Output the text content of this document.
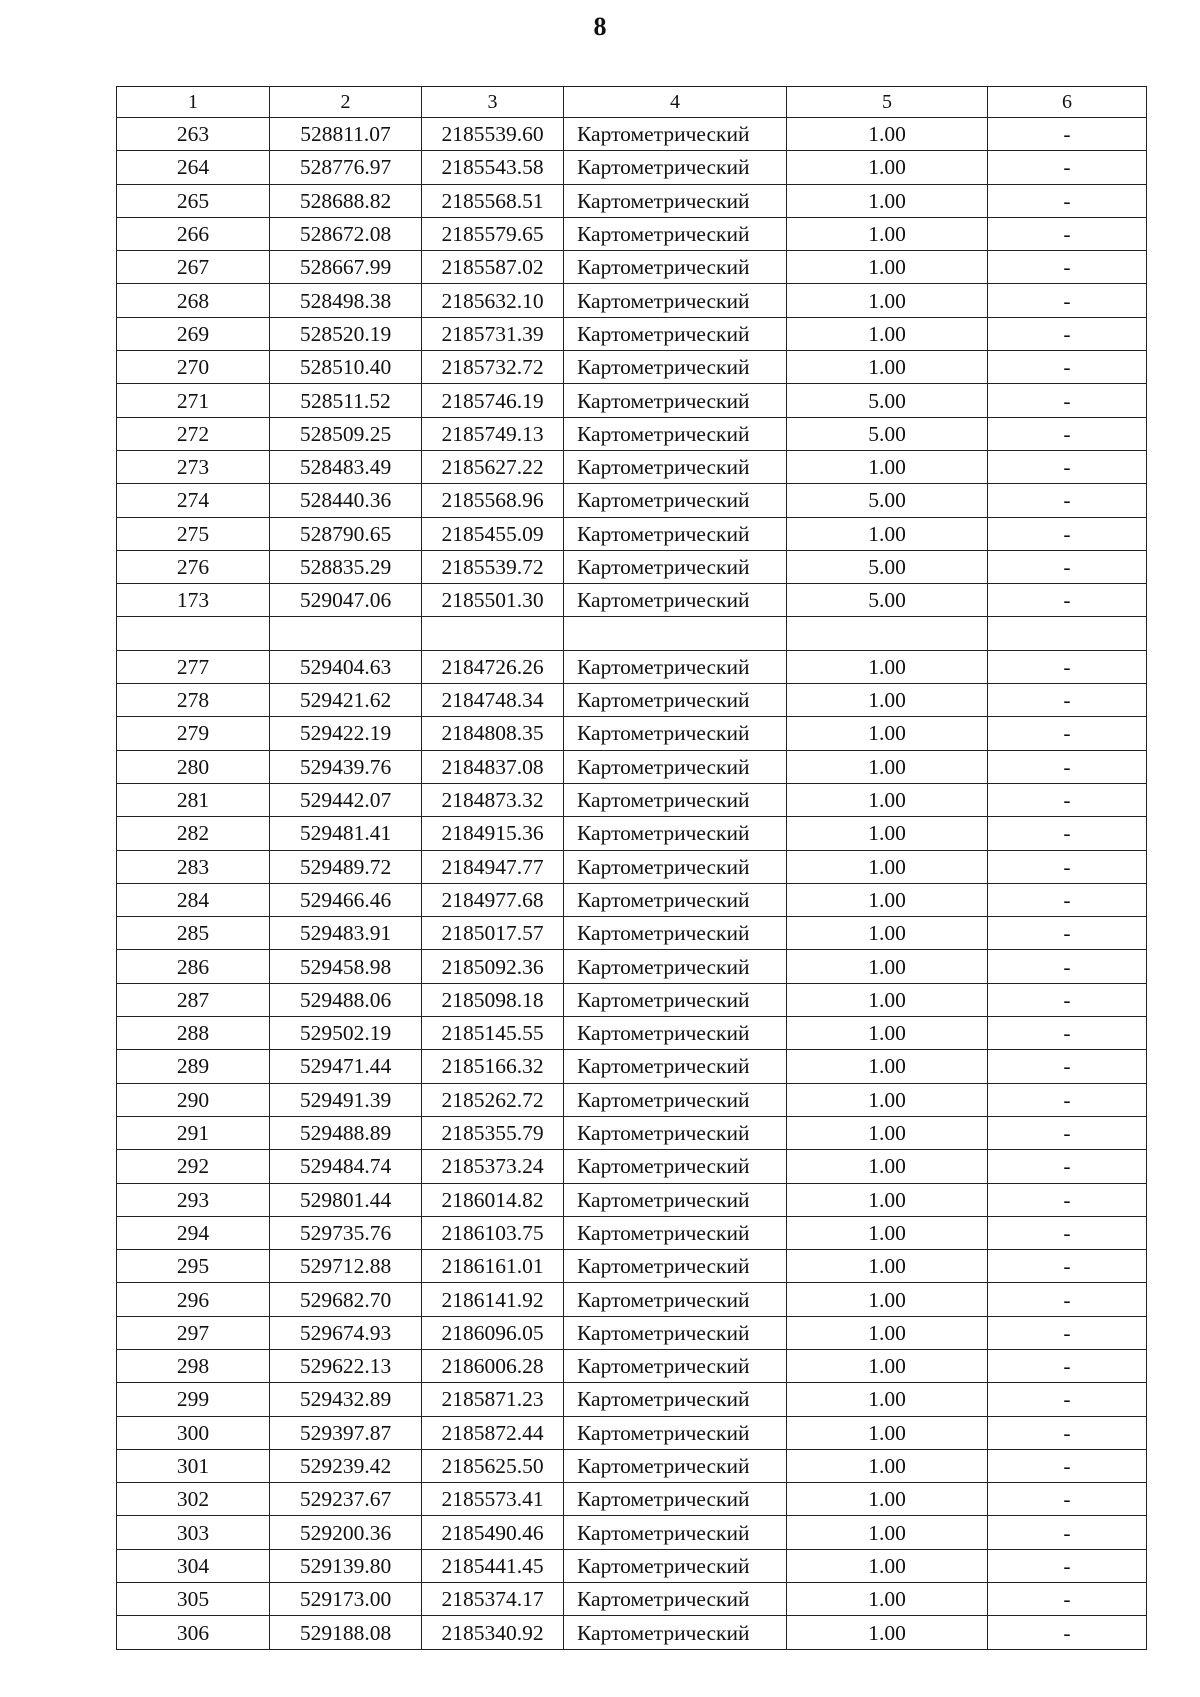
8
1	2	3	4	5	6
263	528811.07	2185539.60	Картометрический	1.00	-
264	528776.97	2185543.58	Картометрический	1.00	-
265	528688.82	2185568.51	Картометрический	1.00	-
266	528672.08	2185579.65	Картометрический	1.00	-
267	528667.99	2185587.02	Картометрический	1.00	-
268	528498.38	2185632.10	Картометрический	1.00	-
269	528520.19	2185731.39	Картометрический	1.00	-
270	528510.40	2185732.72	Картометрический	1.00	-
271	528511.52	2185746.19	Картометрический	5.00	-
272	528509.25	2185749.13	Картометрический	5.00	-
273	528483.49	2185627.22	Картометрический	1.00	-
274	528440.36	2185568.96	Картометрический	5.00	-
275	528790.65	2185455.09	Картометрический	1.00	-
276	528835.29	2185539.72	Картометрический	5.00	-
173	529047.06	2185501.30	Картометрический	5.00	-

277	529404.63	2184726.26	Картометрический	1.00	-
278	529421.62	2184748.34	Картометрический	1.00	-
279	529422.19	2184808.35	Картометрический	1.00	-
280	529439.76	2184837.08	Картометрический	1.00	-
281	529442.07	2184873.32	Картометрический	1.00	-
282	529481.41	2184915.36	Картометрический	1.00	-
283	529489.72	2184947.77	Картометрический	1.00	-
284	529466.46	2184977.68	Картометрический	1.00	-
285	529483.91	2185017.57	Картометрический	1.00	-
286	529458.98	2185092.36	Картометрический	1.00	-
287	529488.06	2185098.18	Картометрический	1.00	-
288	529502.19	2185145.55	Картометрический	1.00	-
289	529471.44	2185166.32	Картометрический	1.00	-
290	529491.39	2185262.72	Картометрический	1.00	-
291	529488.89	2185355.79	Картометрический	1.00	-
292	529484.74	2185373.24	Картометрический	1.00	-
293	529801.44	2186014.82	Картометрический	1.00	-
294	529735.76	2186103.75	Картометрический	1.00	-
295	529712.88	2186161.01	Картометрический	1.00	-
296	529682.70	2186141.92	Картометрический	1.00	-
297	529674.93	2186096.05	Картометрический	1.00	-
298	529622.13	2186006.28	Картометрический	1.00	-
299	529432.89	2185871.23	Картометрический	1.00	-
300	529397.87	2185872.44	Картометрический	1.00	-
301	529239.42	2185625.50	Картометрический	1.00	-
302	529237.67	2185573.41	Картометрический	1.00	-
303	529200.36	2185490.46	Картометрический	1.00	-
304	529139.80	2185441.45	Картометрический	1.00	-
305	529173.00	2185374.17	Картометрический	1.00	-
306	529188.08	2185340.92	Картометрический	1.00	-
